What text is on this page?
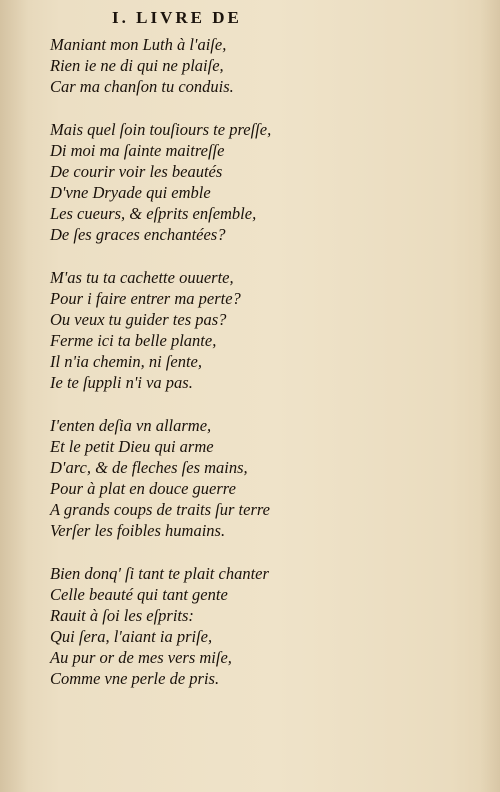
I. LIVRE DE
Maniant mon Luth à l'aiſe,
Rien ie ne di qui ne plaiſe,
Car ma chanſon tu conduis.
Mais quel ſoin touſiours te preſſe,
Di moi ma ſainte maitreſſe
De courir voir les beautés
D'vne Dryade qui emble
Les cueurs, & eſprits enſemble,
De ſes graces enchantées?
M'as tu ta cachette ouuerte,
Pour i faire entrer ma perte?
Ou veux tu guider tes pas?
Ferme ici ta belle plante,
Il n'ia chemin, ni ſente,
Ie te ſuppli n'i va pas.
I'enten deſia vn allarme,
Et le petit Dieu qui arme
D'arc, & de fleches ſes mains,
Pour à plat en douce guerre
A grands coups de traits ſur terre
Verſer les foibles humains.
Bien donq' ſi tant te plait chanter
Celle beauté qui tant gente
Rauit à ſoi les eſprits:
Qui ſera, l'aiant ia priſe,
Au pur or de mes vers miſe,
Comme vne perle de pris.
